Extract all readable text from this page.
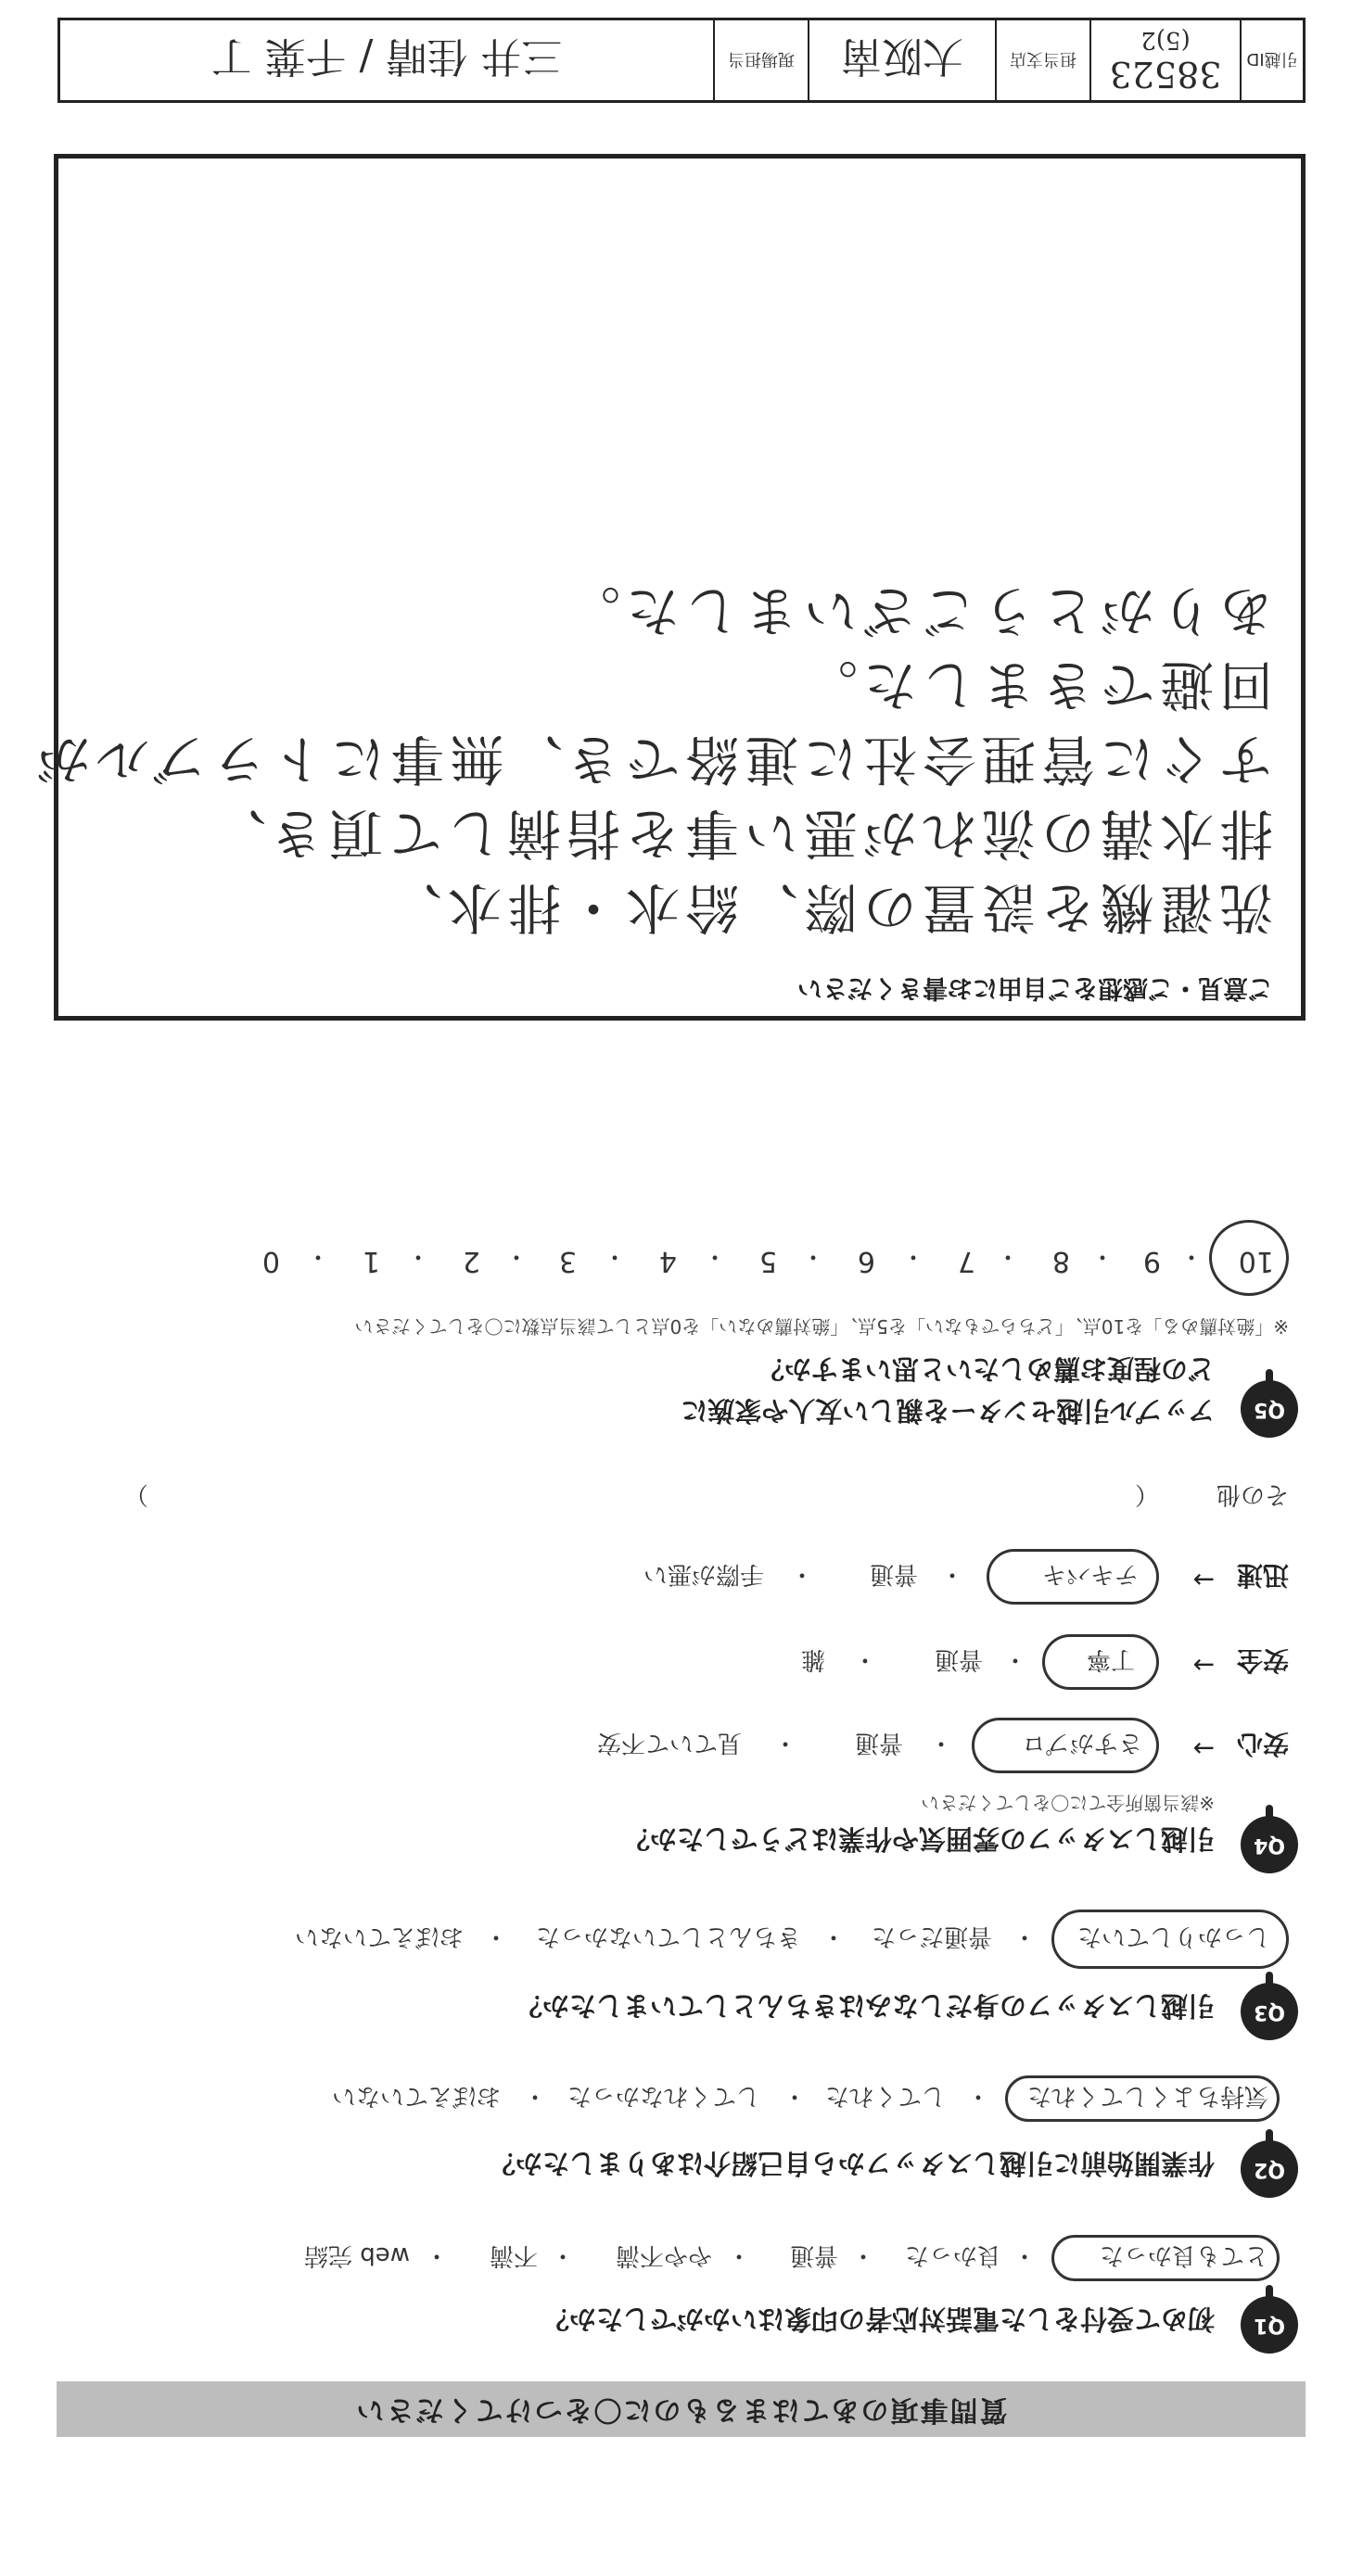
質問事項のあてはまるものに〇をつけてください
Q1
初めて受付をした電話対応者の印象はいかがでしたか？
とても良かった
・
良かった
・
普通
・
やや不満
・
不満
・
web 完結
Q2
作業開始前に引越しスタッフから自己紹介はありましたか？
気持ちよくしてくれた
・
してくれた
・
してくれなかった
・
おぼえていない
Q3
引越しスタッフの身だしなみはきちんとしていましたか？
しっかりしていた
・
普通だった
・
きちんとしていなかった
・
おぼえていない
Q4
引越しスタッフの雰囲気や作業はどうでしたか？
※該当箇所全てに〇をしてください
安心
→
さすがプロ
・
普通
・
見ていて不安
安全
→
丁寧
・
普通
・
雑
迅速
→
テキパキ
・
普通
・
手際が悪い
その他
（
）
Q5
アップル引越センターを親しい友人や家族に
どの程度お薦めしたいと思いますか？
※「絶対薦める」を10点、「どちらでもない」を5点、「絶対薦めない」を0点として該当点数に〇をしてください
10
・
9
・
8
・
7
・
6
・
5
・
4
・
3
・
2
・
1
・
0
ご意見・ご感想をご自由にお書きください
洗濯機を設置の際、給水・排水、
排水溝の流れが悪い事を指摘して頂き、
すぐに管理会社に連絡でき、無事にトラブルが
回避できました。
ありがとうございました。
引越ID
38523
(5)2
担当支店
大阪南
現場担当
三井 佳晴 / 千葉 丁
